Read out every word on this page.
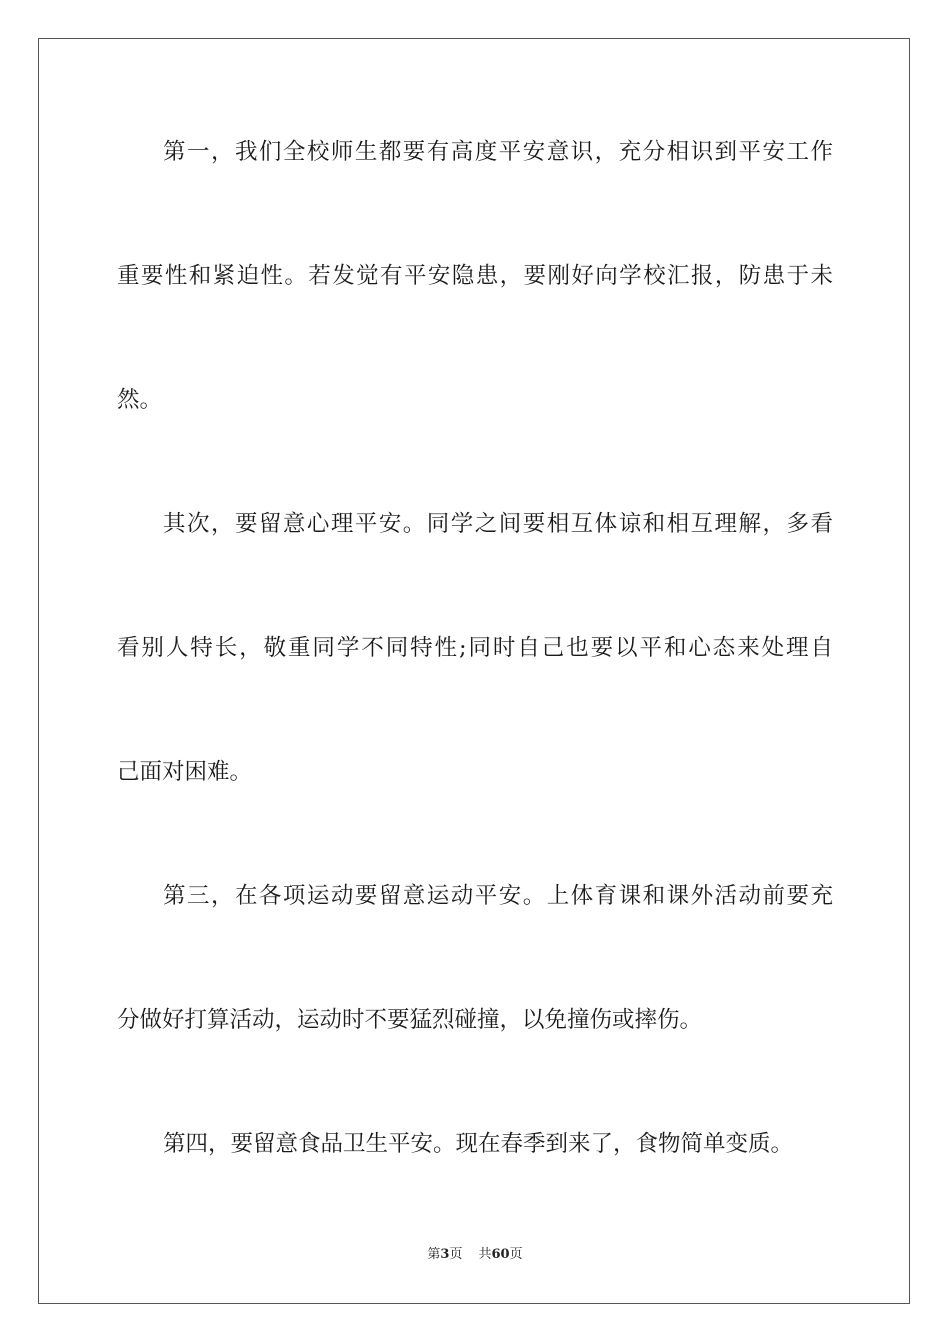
第一，我们全校师生都要有高度平安意识，充分相识到平安工作
重要性和紧迫性。若发觉有平安隐患，要刚好向学校汇报，防患于未
然。
其次，要留意心理平安。同学之间要相互体谅和相互理解，多看
看别人特长，敬重同学不同特性;同时自己也要以平和心态来处理自
己面对困难。
第三，在各项运动要留意运动平安。上体育课和课外活动前要充
分做好打算活动，运动时不要猛烈碰撞，以免撞伤或摔伤。
第四，要留意食品卫生平安。现在春季到来了，食物简单变质。
第3页 共60页
